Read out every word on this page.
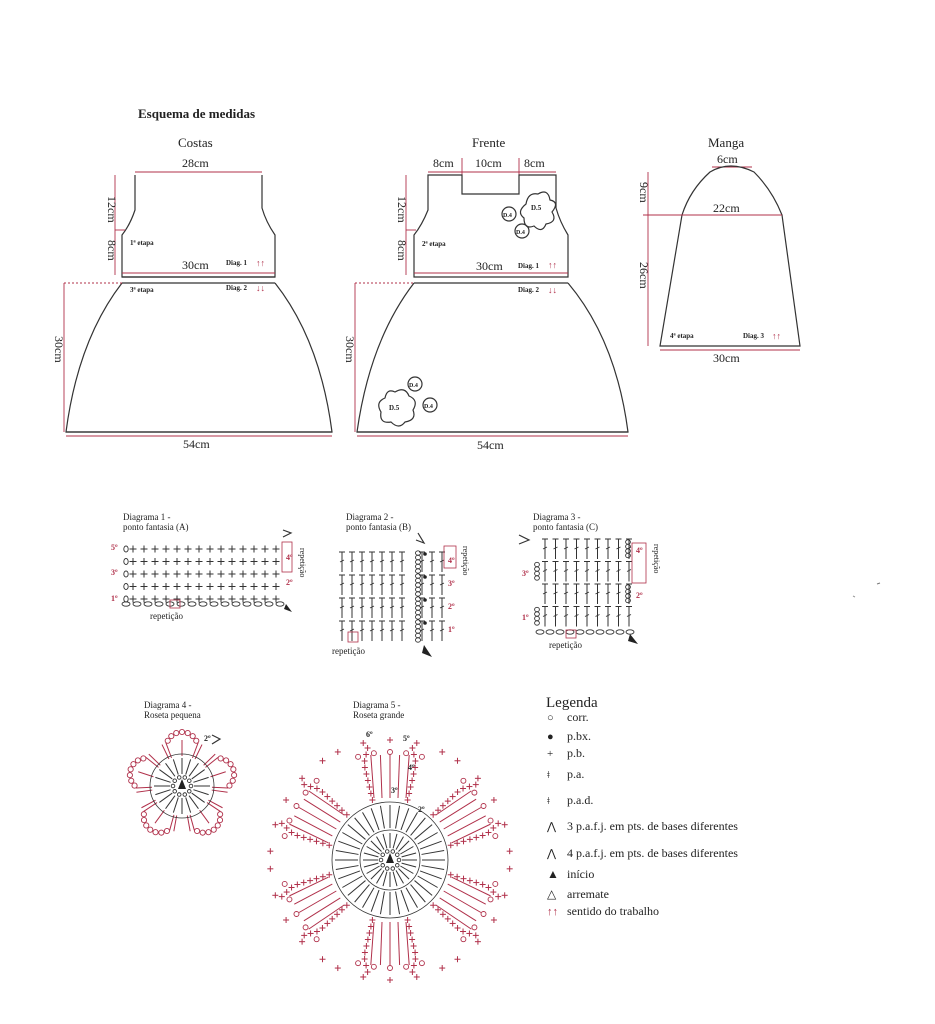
Esquema de medidas
Costas
28cm
12cm
8cm 1ª etapa
30cm Diag. 1 ↑↑
Diag. 2 ↓↓
3ª etapa
30cm
54cm
Frente
8cm 10cm 8cm
12cm
8cm 2ª etapa
30cm Diag. 1 ↑↑
Diag. 2 ↓↓
30cm
54cm
D.5
D.4
D.4
D.5
D.4
D.4
Manga
6cm
22cm
9cm
26cm
4ª etapa	Diag. 3 ↑↑
30cm
Diagrama 1 -
ponto fantasia (A)
1º
2º
3º
4º
5º
repetição
repetição
Diagrama 2 -
ponto fantasia (B)
1º
2º
3º
4º repetição
repetição
Diagrama 3 -
ponto fantasia (C)
1º
2º
3º
4º repetição
repetição
Diagrama 4 -
Roseta pequena
2º
Diagrama 5 -
Roseta grande
6º	5º
4º
3º
2º
Legenda
○ corr.
● p.bx.
+ p.b.
ǂ p.a.
ǂ p.a.d.
⋀ 3 p.a.f.j. em pts. de bases diferentes
⋀ 4 p.a.f.j. em pts. de bases diferentes
▲ início
△ arremate
↑↑ sentido do trabalho
